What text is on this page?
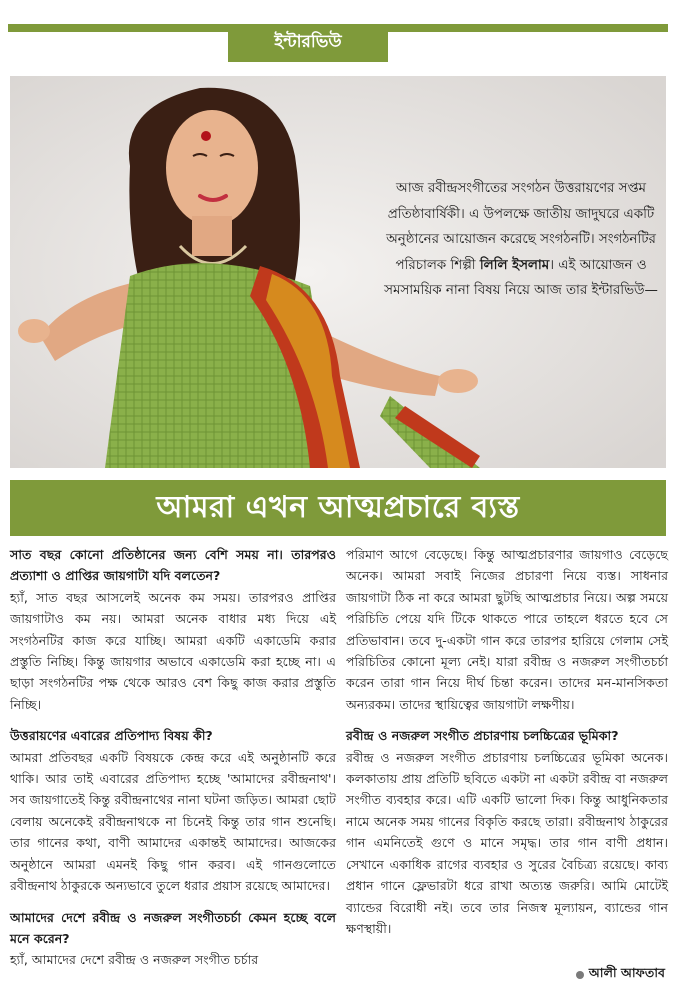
ইন্টারভিউ
আজ রবীন্দ্রসংগীতের সংগঠন উত্তরায়ণের সপ্তম প্রতিষ্ঠাবার্ষিকী। এ উপলক্ষে জাতীয় জাদুঘরে একটি অনুষ্ঠানের আয়োজন করেছে সংগঠনটি। সংগঠনটির পরিচালক শিল্পী লিলি ইসলাম। এই আয়োজন ও সমসাময়িক নানা বিষয় নিয়ে আজ তার ইন্টারভিউ—
আমরা এখন আত্মপ্রচারে ব্যস্ত

সাত বছর কোনো প্রতিষ্ঠানের জন্য বেশি সময় না। তারপরও প্রত্যাশা ও প্রাপ্তির জায়গাটা যদি বলতেন?

হ্যাঁ, সাত বছর আসলেই অনেক কম সময়। তারপরও প্রাপ্তির জায়গাটাও কম নয়। আমরা অনেক বাধার মধ্য দিয়ে এই সংগঠনটির কাজ করে যাচ্ছি। আমরা একটি একাডেমি করার প্রস্তুতি নিচ্ছি। কিন্তু জায়গার অভাবে একাডেমি করা হচ্ছে না। এ ছাড়া সংগঠনটির পক্ষ থেকে আরও বেশ কিছু কাজ করার প্রস্তুতি নিচ্ছি।

উত্তরায়ণের এবারের প্রতিপাদ্য বিষয় কী?

আমরা প্রতিবছর একটি বিষয়কে কেন্দ্র করে এই অনুষ্ঠানটি করে থাকি। আর তাই এবারের প্রতিপাদ্য হচ্ছে 'আমাদের রবীন্দ্রনাথ'। সব জায়গাতেই কিন্তু রবীন্দ্রনাথের নানা ঘটনা জড়িত। আমরা ছোট বেলায় অনেকেই রবীন্দ্রনাথকে না চিনেই কিন্তু তার গান শুনেছি। তার গানের কথা, বাণী আমাদের একান্তই আমাদের। আজকের অনুষ্ঠানে আমরা এমনই কিছু গান করব। এই গানগুলোতে রবীন্দ্রনাথ ঠাকুরকে অন্যভাবে তুলে ধরার প্রয়াস রয়েছে আমাদের।

আমাদের দেশে রবীন্দ্র ও নজরুল সংগীতচর্চা কেমন হচ্ছে বলে মনে করেন?

হ্যাঁ, আমাদের দেশে রবীন্দ্র ও নজরুল সংগীত চর্চার

পরিমাণ আগে বেড়েছে। কিন্তু আত্মপ্রচারণার জায়গাও বেড়েছে অনেক। আমরা সবাই নিজের প্রচারণা নিয়ে ব্যস্ত। সাধনার জায়গাটা ঠিক না করে আমরা ছুটছি আত্মপ্রচার নিয়ে। অল্প সময়ে পরিচিতি পেয়ে যদি টিকে থাকতে পারে তাহলে ধরতে হবে সে প্রতিভাবান। তবে দু-একটা গান করে তারপর হারিয়ে গেলাম সেই পরিচিতির কোনো মূল্য নেই। যারা রবীন্দ্র ও নজরুল সংগীতচর্চা করেন তারা গান নিয়ে দীর্ঘ চিন্তা করেন। তাদের মন-মানসিকতা অন্যরকম। তাদের স্থায়িত্বের জায়গাটা লক্ষণীয়।

রবীন্দ্র ও নজরুল সংগীত প্রচারণায় চলচ্চিত্রের ভূমিকা?

রবীন্দ্র ও নজরুল সংগীত প্রচারণায় চলচ্চিত্রের ভূমিকা অনেক। কলকাতায় প্রায় প্রতিটি ছবিতে একটা না একটা রবীন্দ্র বা নজরুল সংগীত ব্যবহার করে। এটি একটি ভালো দিক। কিন্তু আধুনিকতার নামে অনেক সময় গানের বিকৃতি করছে তারা। রবীন্দ্রনাথ ঠাকুরের গান এমনিতেই গুণে ও মানে সমৃদ্ধ। তার গান বাণী প্রধান। সেখানে একাধিক রাগের ব্যবহার ও সুরের বৈচিত্র্য রয়েছে। কাব্য প্রধান গানে ফ্লেভারটা ধরে রাখা অত্যন্ত জরুরি। আমি মোটেই ব্যান্ডের বিরোধী নই। তবে তার নিজস্ব মূল্যায়ন, ব্যান্ডের গান ক্ষণস্থায়ী।

আলী আফতাব
